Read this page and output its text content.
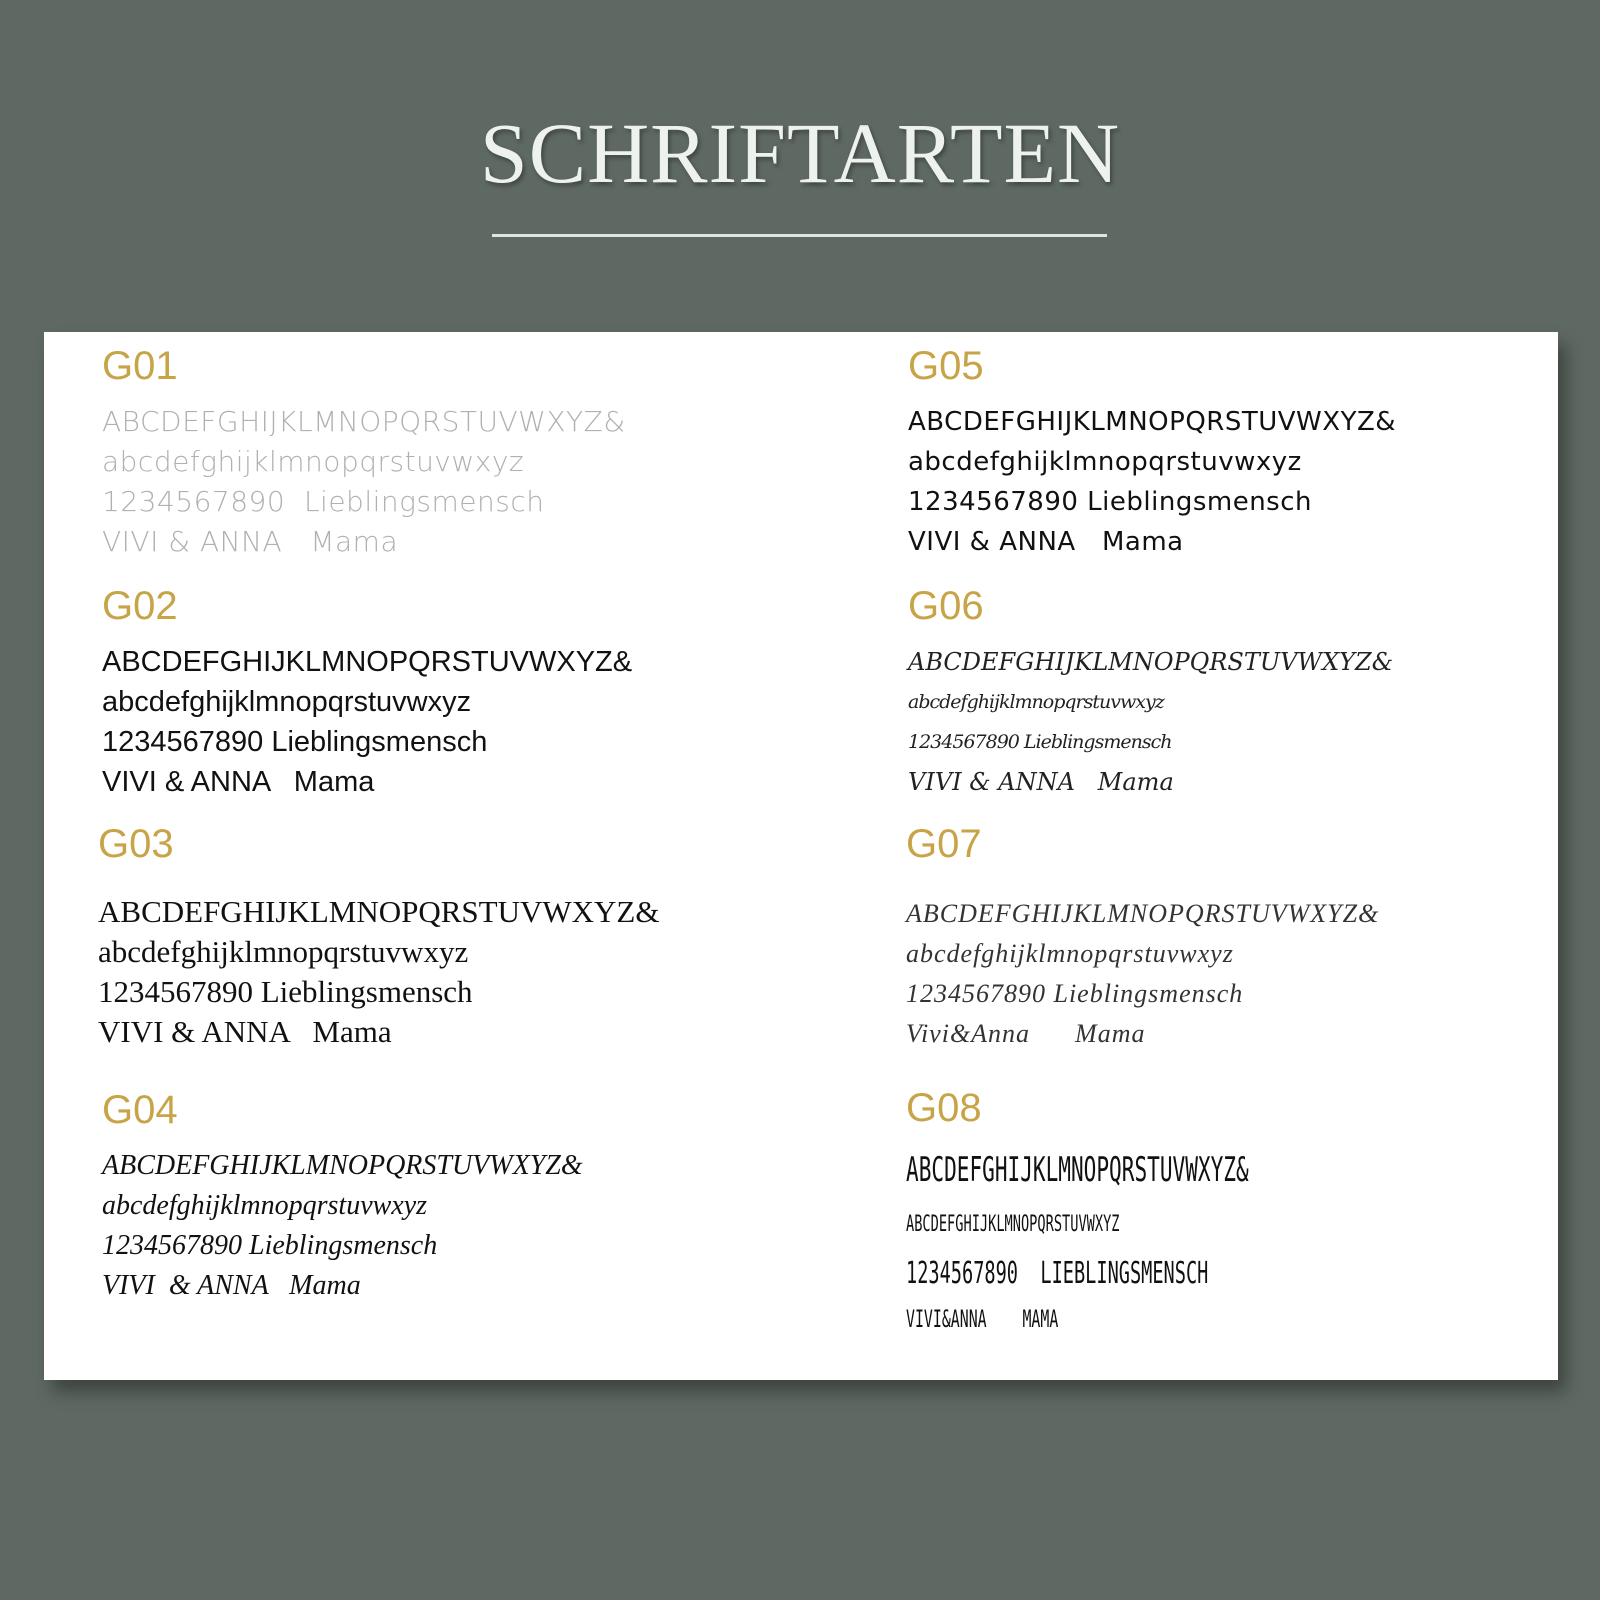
SCHRIFTARTEN
G01
ABCDEFGHIJKLMNOPQRSTUVWXYZ&
abcdefghijklmnopqrstuvwxyz
1234567890  Lieblingsmensch
VIVI & ANNA   Mama
G02
ABCDEFGHIJKLMNOPQRSTUVWXYZ&
abcdefghijklmnopqrstuvwxyz
1234567890 Lieblingsmensch
VIVI & ANNA   Mama
G03
ABCDEFGHIJKLMNOPQRSTUVWXYZ&
abcdefghijklmnopqrstuvwxyz
1234567890 Lieblingsmensch
VIVI & ANNA   Mama
G04
ABCDEFGHIJKLMNOPQRSTUVWXYZ&
abcdefghijklmnopqrstuvwxyz
1234567890 Lieblingsmensch
VIVI  & ANNA   Mama
G05
ABCDEFGHIJKLMNOPQRSTUVWXYZ&
abcdefghijklmnopqrstuvwxyz
1234567890 Lieblingsmensch
VIVI & ANNA   Mama
G06
ABCDEFGHIJKLMNOPQRSTUVWXYZ&
abcdefghijklmnopqrstuvwxyz
1234567890 Lieblingsmensch
VIVI & ANNA   Mama
G07
ABCDEFGHIJKLMNOPQRSTUVWXYZ&
abcdefghijklmnopqrstuvwxyz
1234567890 Lieblingsmensch
Vivi&Anna      Mama
G08
ABCDEFGHIJKLMNOPQRSTUVWXYZ&
ABCDEFGHIJKLMNOPQRSTUVWXYZ
1234567890  LIEBLINGSMENSCH
VIVI&ANNA    MAMA
